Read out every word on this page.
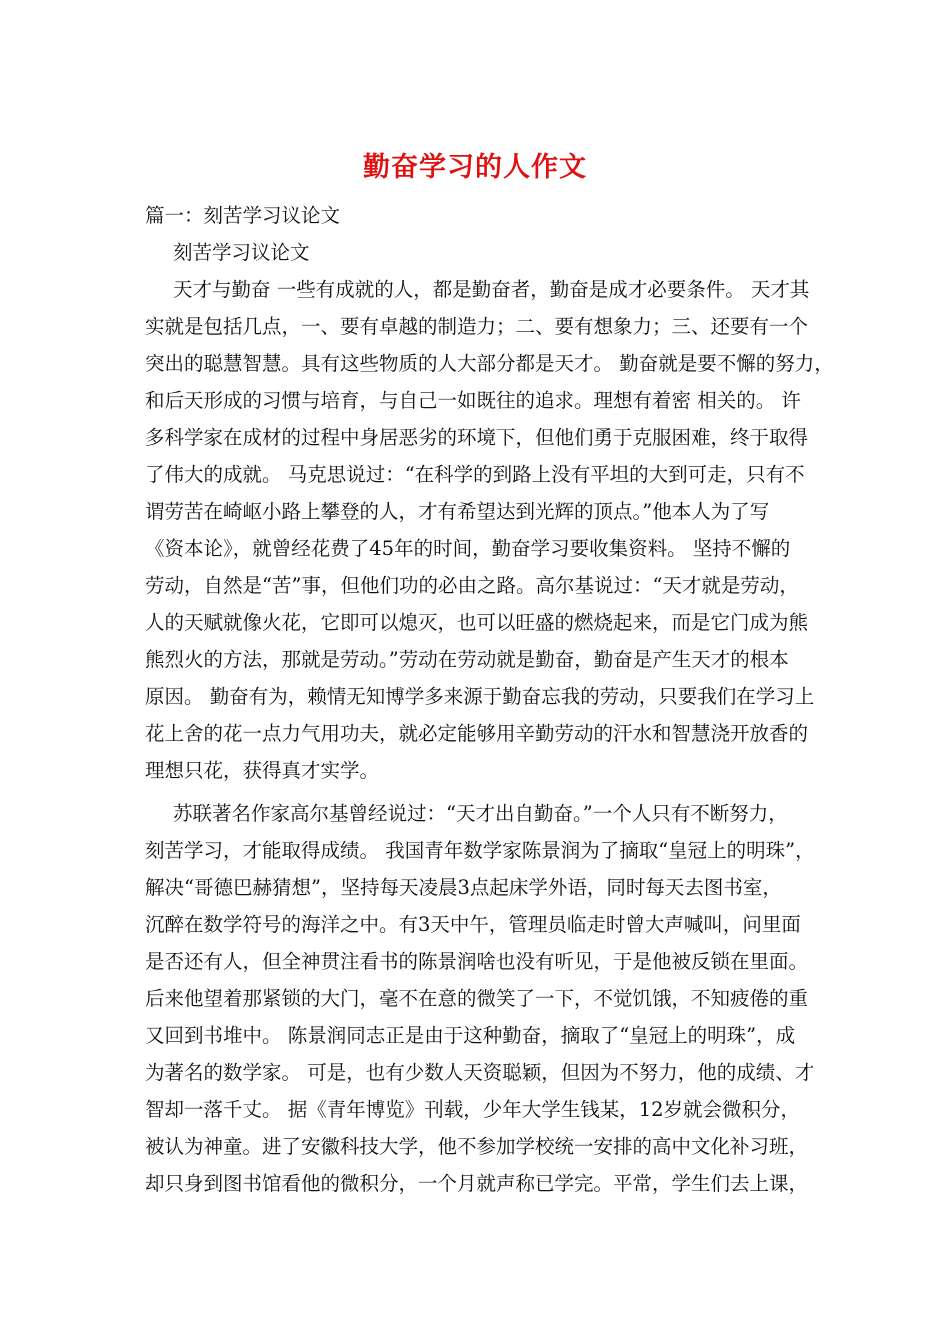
勤奋学习的人作文
篇一：刻苦学习议论文
刻苦学习议论文
天才与勤奋 一些有成就的人，都是勤奋者，勤奋是成才必要条件。 天才其
实就是包括几点，一、要有卓越的制造力；二、要有想象力；三、还要有一个
突出的聪慧智慧。具有这些物质的人大部分都是天才。 勤奋就是要不懈的努力，
和后天形成的习惯与培育，与自己一如既往的追求。理想有着密 相关的。 许
多科学家在成材的过程中身居恶劣的环境下，但他们勇于克服困难，终于取得
了伟大的成就。 马克思说过：“在科学的到路上没有平坦的大到可走，只有不
谓劳苦在崎岖小路上攀登的人，才有希望达到光辉的顶点。”他本人为了写
《资本论》，就曾经花费了45年的时间，勤奋学习要收集资料。 坚持不懈的
劳动，自然是“苦”事，但他们功的必由之路。高尔基说过：“天才就是劳动，
人的天赋就像火花，它即可以熄灭，也可以旺盛的燃烧起来，而是它门成为熊
熊烈火的方法，那就是劳动。”劳动在劳动就是勤奋，勤奋是产生天才的根本
原因。 勤奋有为，赖情无知博学多来源于勤奋忘我的劳动，只要我们在学习上
花上舍的花一点力气用功夫，就必定能够用辛勤劳动的汗水和智慧浇开放香的
理想只花，获得真才实学。
苏联著名作家高尔基曾经说过：“天才出自勤奋。”一个人只有不断努力，
刻苦学习，才能取得成绩。 我国青年数学家陈景润为了摘取“皇冠上的明珠”，
解决“哥德巴赫猜想”，坚持每天凌晨3点起床学外语，同时每天去图书室，
沉醉在数学符号的海洋之中。有3天中午，管理员临走时曾大声喊叫，问里面
是否还有人，但全神贯注看书的陈景润啥也没有听见，于是他被反锁在里面。
后来他望着那紧锁的大门，毫不在意的微笑了一下，不觉饥饿，不知疲倦的重
又回到书堆中。 陈景润同志正是由于这种勤奋，摘取了“皇冠上的明珠”，成
为著名的数学家。 可是，也有少数人天资聪颖，但因为不努力，他的成绩、才
智却一落千丈。 据《青年博览》刊载，少年大学生钱某，12岁就会微积分，
被认为神童。进了安徽科技大学，他不参加学校统一安排的高中文化补习班，
却只身到图书馆看他的微积分，一个月就声称已学完。平常，学生们去上课，
